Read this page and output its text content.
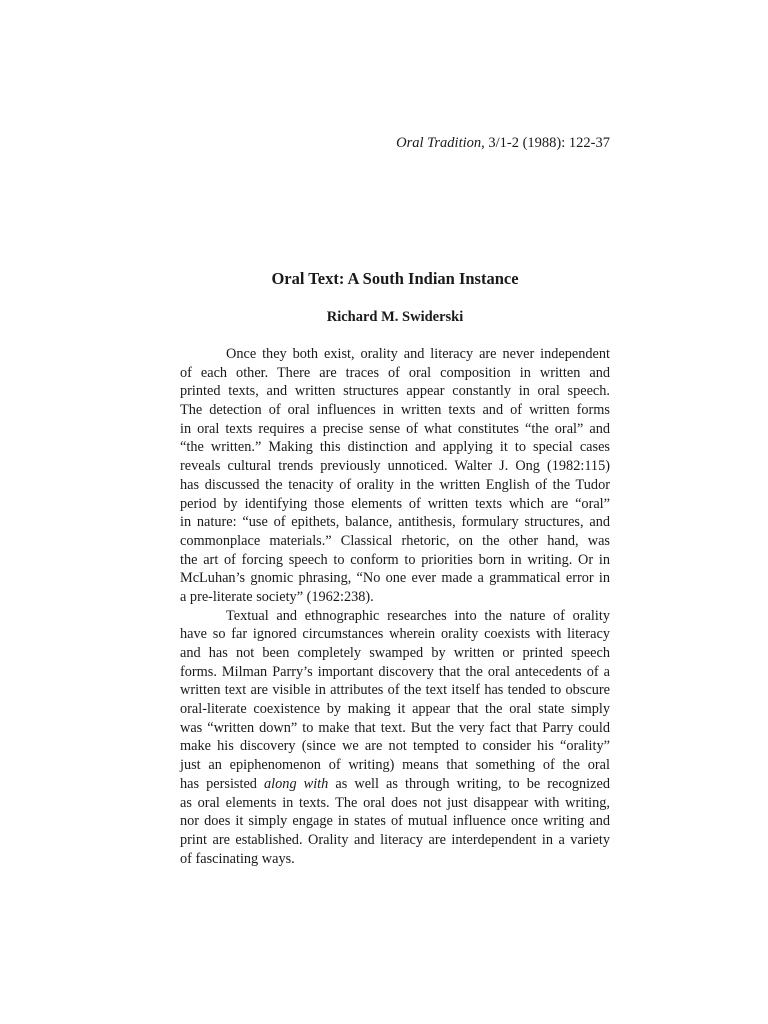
Oral Tradition, 3/1-2 (1988): 122-37
Oral Text: A South Indian Instance
Richard M. Swiderski
Once they both exist, orality and literacy are never independent
of each other. There are traces of oral composition in written and
printed texts, and written structures appear constantly in oral speech.
The detection of oral influences in written texts and of written forms
in oral texts requires a precise sense of what constitutes “the oral” and
“the written.” Making this distinction and applying it to special cases
reveals cultural trends previously unnoticed. Walter J. Ong (1982:115)
has discussed the tenacity of orality in the written English of the Tudor
period by identifying those elements of written texts which are “oral”
in nature: “use of epithets, balance, antithesis, formulary structures, and
commonplace materials.” Classical rhetoric, on the other hand, was
the art of forcing speech to conform to priorities born in writing. Or in
McLuhan’s gnomic phrasing, “No one ever made a grammatical error in
a pre-literate society” (1962:238).
Textual and ethnographic researches into the nature of orality
have so far ignored circumstances wherein orality coexists with literacy
and has not been completely swamped by written or printed speech
forms. Milman Parry’s important discovery that the oral antecedents of a
written text are visible in attributes of the text itself has tended to obscure
oral-literate coexistence by making it appear that the oral state simply
was “written down” to make that text. But the very fact that Parry could
make his discovery (since we are not tempted to consider his “orality”
just an epiphenomenon of writing) means that something of the oral
has persisted along with as well as through writing, to be recognized
as oral elements in texts. The oral does not just disappear with writing,
nor does it simply engage in states of mutual influence once writing and
print are established. Orality and literacy are interdependent in a variety
of fascinating ways.
